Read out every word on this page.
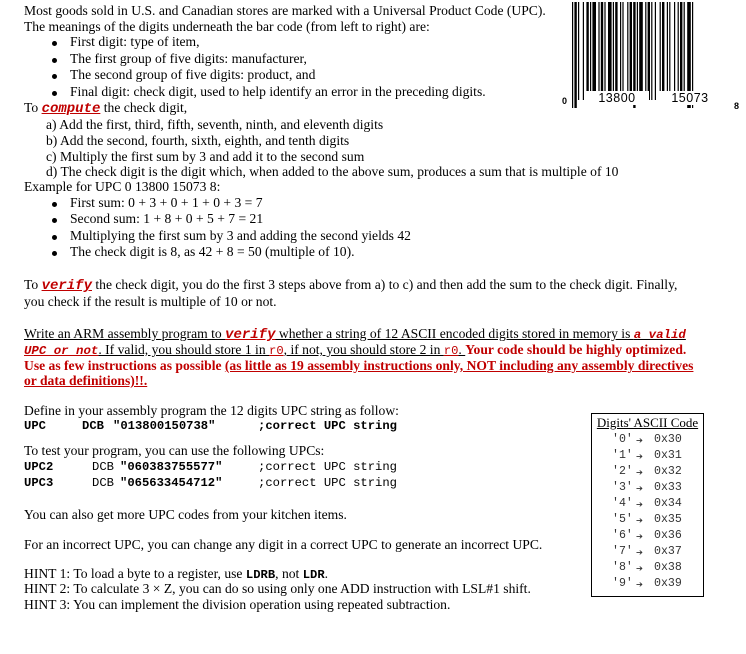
Most goods sold in U.S. and Canadian stores are marked with a Universal Product Code (UPC).
The meanings of the digits underneath the bar code (from left to right) are:
First digit: type of item,
The first group of five digits: manufacturer,
The second group of five digits: product, and
Final digit: check digit, used to help identify an error in the preceding digits.
0	13800	15073
8
To compute the check digit,
a) Add the first, third, fifth, seventh, ninth, and eleventh digits
b) Add the second, fourth, sixth, eighth, and tenth digits
c) Multiply the first sum by 3 and add it to the second sum
d) The check digit is the digit which, when added to the above sum, produces a sum that is multiple of 10
Example for UPC 0 13800 15073 8:
First sum: 0 + 3 + 0 + 1 + 0 + 3 = 7
Second sum: 1 + 8 + 0 + 5 + 7 = 21
Multiplying the first sum by 3 and adding the second yields 42
The check digit is 8, as 42 + 8 = 50 (multiple of 10).
To verify the check digit, you do the first 3 steps above from a) to c) and then add the sum to the check digit. Finally,
you check if the result is multiple of 10 or not.
Write an ARM assembly program to verify whether a string of 12 ASCII encoded digits stored in memory is a valid
UPC or not. If valid, you should store 1 in r0, if not, you should store 2 in r0. Your code should be highly optimized.
Use as few instructions as possible (as little as 19 assembly instructions only, NOT including any assembly directives
or data definitions)!!.
Define in your assembly program the 12 digits UPC string as follow:
UPC	DCB "013800150738"	;correct UPC string
To test your program, you can use the following UPCs:
UPC2	DCB "060383755577"	;correct UPC string
UPC3	DCB "065633454712"	;correct UPC string
You can also get more UPC codes from your kitchen items.
For an incorrect UPC, you can change any digit in a correct UPC to generate an incorrect UPC.
HINT 1: To load a byte to a register, use LDRB, not LDR.
HINT 2: To calculate 3 × Z, you can do so using only one ADD instruction with LSL#1 shift.
HINT 3: You can implement the division operation using repeated subtraction.
Digits' ASCII Code
'0' ➔ 0x30
'1' ➔ 0x31
'2' ➔ 0x32
'3' ➔ 0x33
'4' ➔ 0x34
'5' ➔ 0x35
'6' ➔ 0x36
'7' ➔ 0x37
'8' ➔ 0x38
'9' ➔ 0x39
